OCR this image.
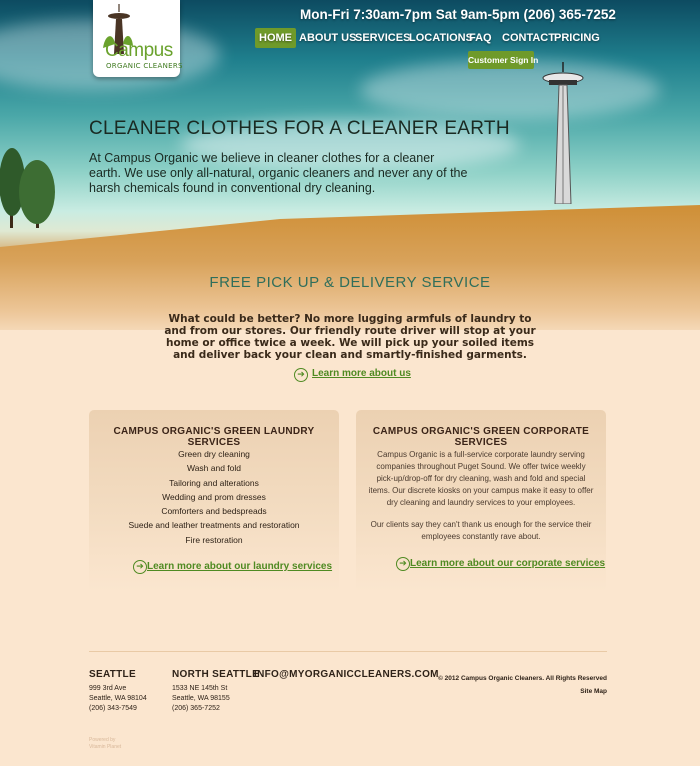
CLEANER CLOTHES FOR A CLEANER EARTH
At Campus Organic we believe in cleaner clothes for a cleaner earth. We use only all-natural, organic cleaners and never any of the harsh chemicals found in conventional dry cleaning.
Campus
ORGANIC CLEANERS
Mon-Fri 7:30am-7pm Sat 9am-5pm (206) 365-7252
HOME ABOUT US
SERVICES
LOCATIONS
FAQ CONTACT PRICING
Customer Sign In
FREE PICK UP & DELIVERY SERVICE
What could be better? No more lugging armfuls of laundry to and from our stores. Our friendly route driver will stop at your home or office twice a week. We will pick up your soiled items and deliver back your clean and smartly-finished garments.
➔ Learn more about us
CAMPUS ORGANIC'S GREEN LAUNDRY SERVICES
Green dry cleaning
Wash and fold
Tailoring and alterations
Wedding and prom dresses
Comforters and bedspreads
Suede and leather treatments and restoration
Fire restoration
➔ Learn more about our laundry services
CAMPUS ORGANIC'S GREEN CORPORATE SERVICES

Campus Organic is a full-service corporate laundry serving companies throughout Puget Sound. We offer twice weekly pick-up/drop-off for dry cleaning, wash and fold and special items. Our discrete kiosks on your campus make it easy to offer dry cleaning and laundry services to your employees.

Our clients say they can't thank us enough for the service their employees constantly rave about.

➔ Learn more about our corporate services
SEATTLE
999 3rd Ave
Seattle, WA 98104
(206) 343-7549
NORTH SEATTLE
1533 NE 145th St
Seattle, WA 98155
(206) 365-7252
INFO@MYORGANICCLEANERS.COM © 2012 Campus Organic Cleaners. All Rights Reserved
Site Map
Powered by
Vitamin Planet
